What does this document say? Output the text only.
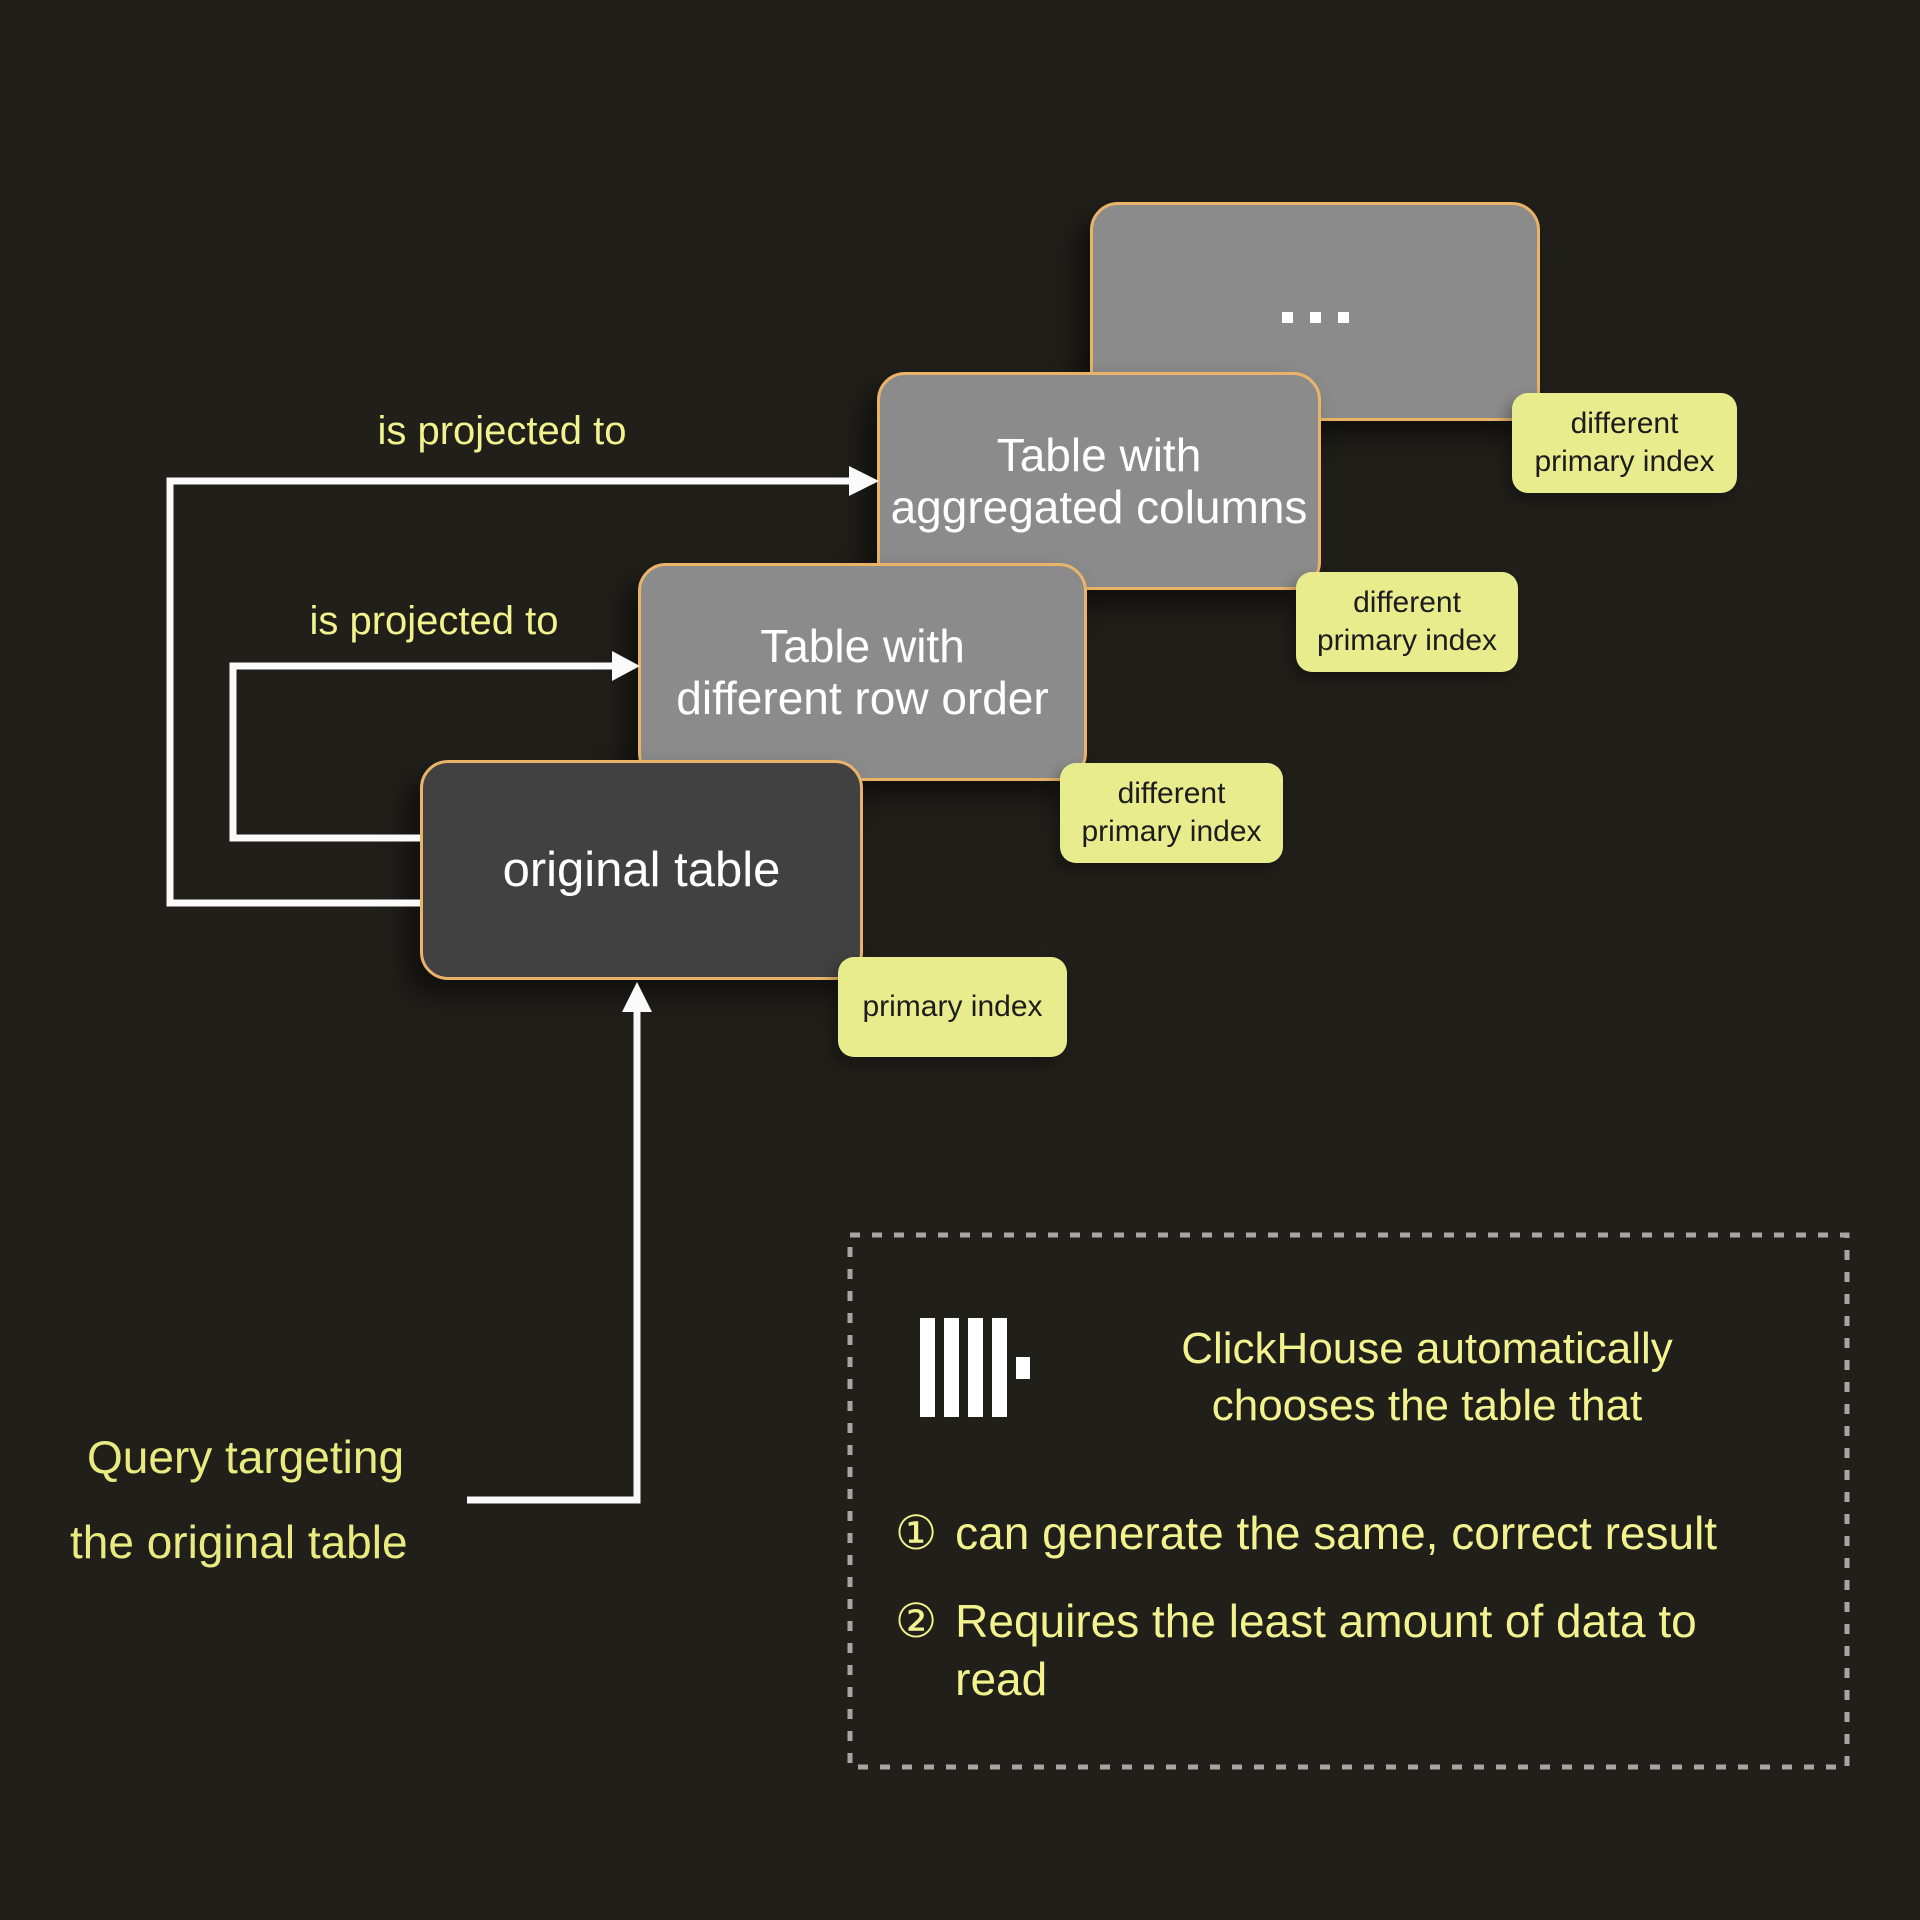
different
primary index
Table with
aggregated columns
different
primary index
Table with
different row order
different
primary index
original table
primary index
is projected to
is projected to
Query targeting
the original table
ClickHouse automatically
chooses the table that
① can generate the same, correct result
② Requires the least amount of data to
read
